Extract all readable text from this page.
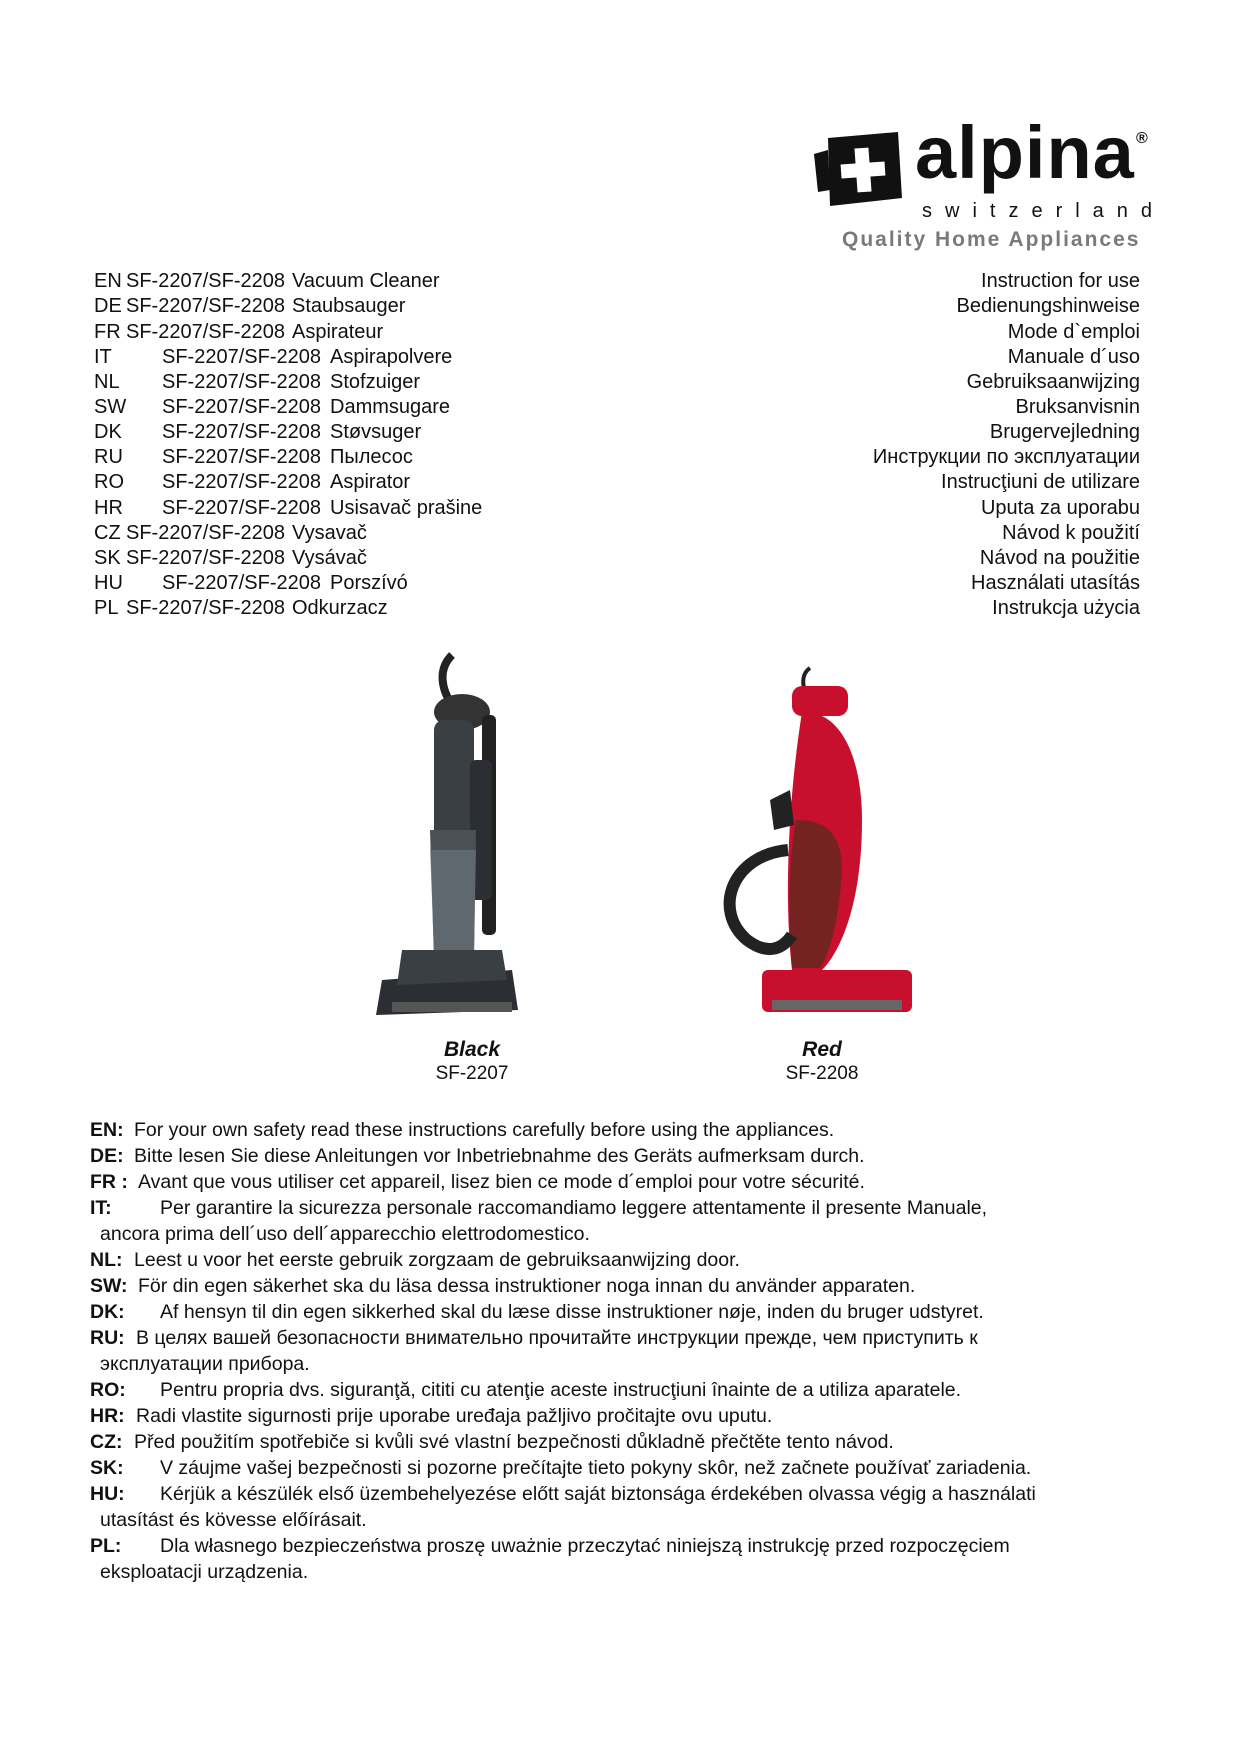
alpina ®
switzerland
Quality Home Appliances
EN SF-2207/SF-2208 Vacuum Cleaner	Instruction for use
DE SF-2207/SF-2208 Staubsauger	Bedienungshinweise
FR SF-2207/SF-2208 Aspirateur	Mode d`emploi
IT	SF-2207/SF-2208 Aspirapolvere	Manuale d´uso
NL SF-2207/SF-2208 Stofzuiger	Gebruiksaanwijzing
SW SF-2207/SF-2208 Dammsugare	Bruksanvisnin
DK SF-2207/SF-2208 Støvsuger	Brugervejledning
RU SF-2207/SF-2208 Пылесос	Инструкции по эксплуатации
RO SF-2207/SF-2208 Aspirator	Instrucţiuni de utilizare
HR SF-2207/SF-2208 Usisavač prašine	Uputa za uporabu
CZ SF-2207/SF-2208 Vysavač	Návod k použití
SK SF-2207/SF-2208 Vysávač	Návod na použitie
HU SF-2207/SF-2208 Porszívó	Használati utasítás
PL SF-2207/SF-2208 Odkurzacz	Instrukcja użycia
Black
SF-2207
Red
SF-2208
EN: For your own safety read these instructions carefully before using the appliances.
DE: Bitte lesen Sie diese Anleitungen vor Inbetriebnahme des Geräts aufmerksam durch.
FR : Avant que vous utiliser cet appareil, lisez bien ce mode d´emploi pour votre sécurité.
IT: Per garantire la sicurezza personale raccomandiamo leggere attentamente il presente Manuale,
ancora prima dell´uso dell´apparecchio elettrodomestico.
NL: Leest u voor het eerste gebruik zorgzaam de gebruiksaanwijzing door.
SW: För din egen säkerhet ska du läsa dessa instruktioner noga innan du använder apparaten.
DK: Af hensyn til din egen sikkerhed skal du læse disse instruktioner nøje, inden du bruger udstyret.
RU: В целях вашей безопасности внимательно прочитайте инструкции прежде, чем приступить к
эксплуатации прибора.
RO: Pentru propria dvs. siguranţă, cititi cu atenţie aceste instrucţiuni înainte de a utiliza aparatele.
HR: Radi vlastite sigurnosti prije uporabe uređaja pažljivo pročitajte ovu uputu.
CZ: Před použitím spotřebiče si kvůli své vlastní bezpečnosti důkladně přečtěte tento návod.
SK: V záujme vašej bezpečnosti si pozorne prečítajte tieto pokyny skôr, než začnete používať zariadenia.
HU: Kérjük a készülék első üzembehelyezése előtt saját biztonsága érdekében olvassa végig a használati
utasítást és kövesse előírásait.
PL: Dla własnego bezpieczeństwa proszę uważnie przeczytać niniejszą instrukcję przed rozpoczęciem
eksploatacji urządzenia.
